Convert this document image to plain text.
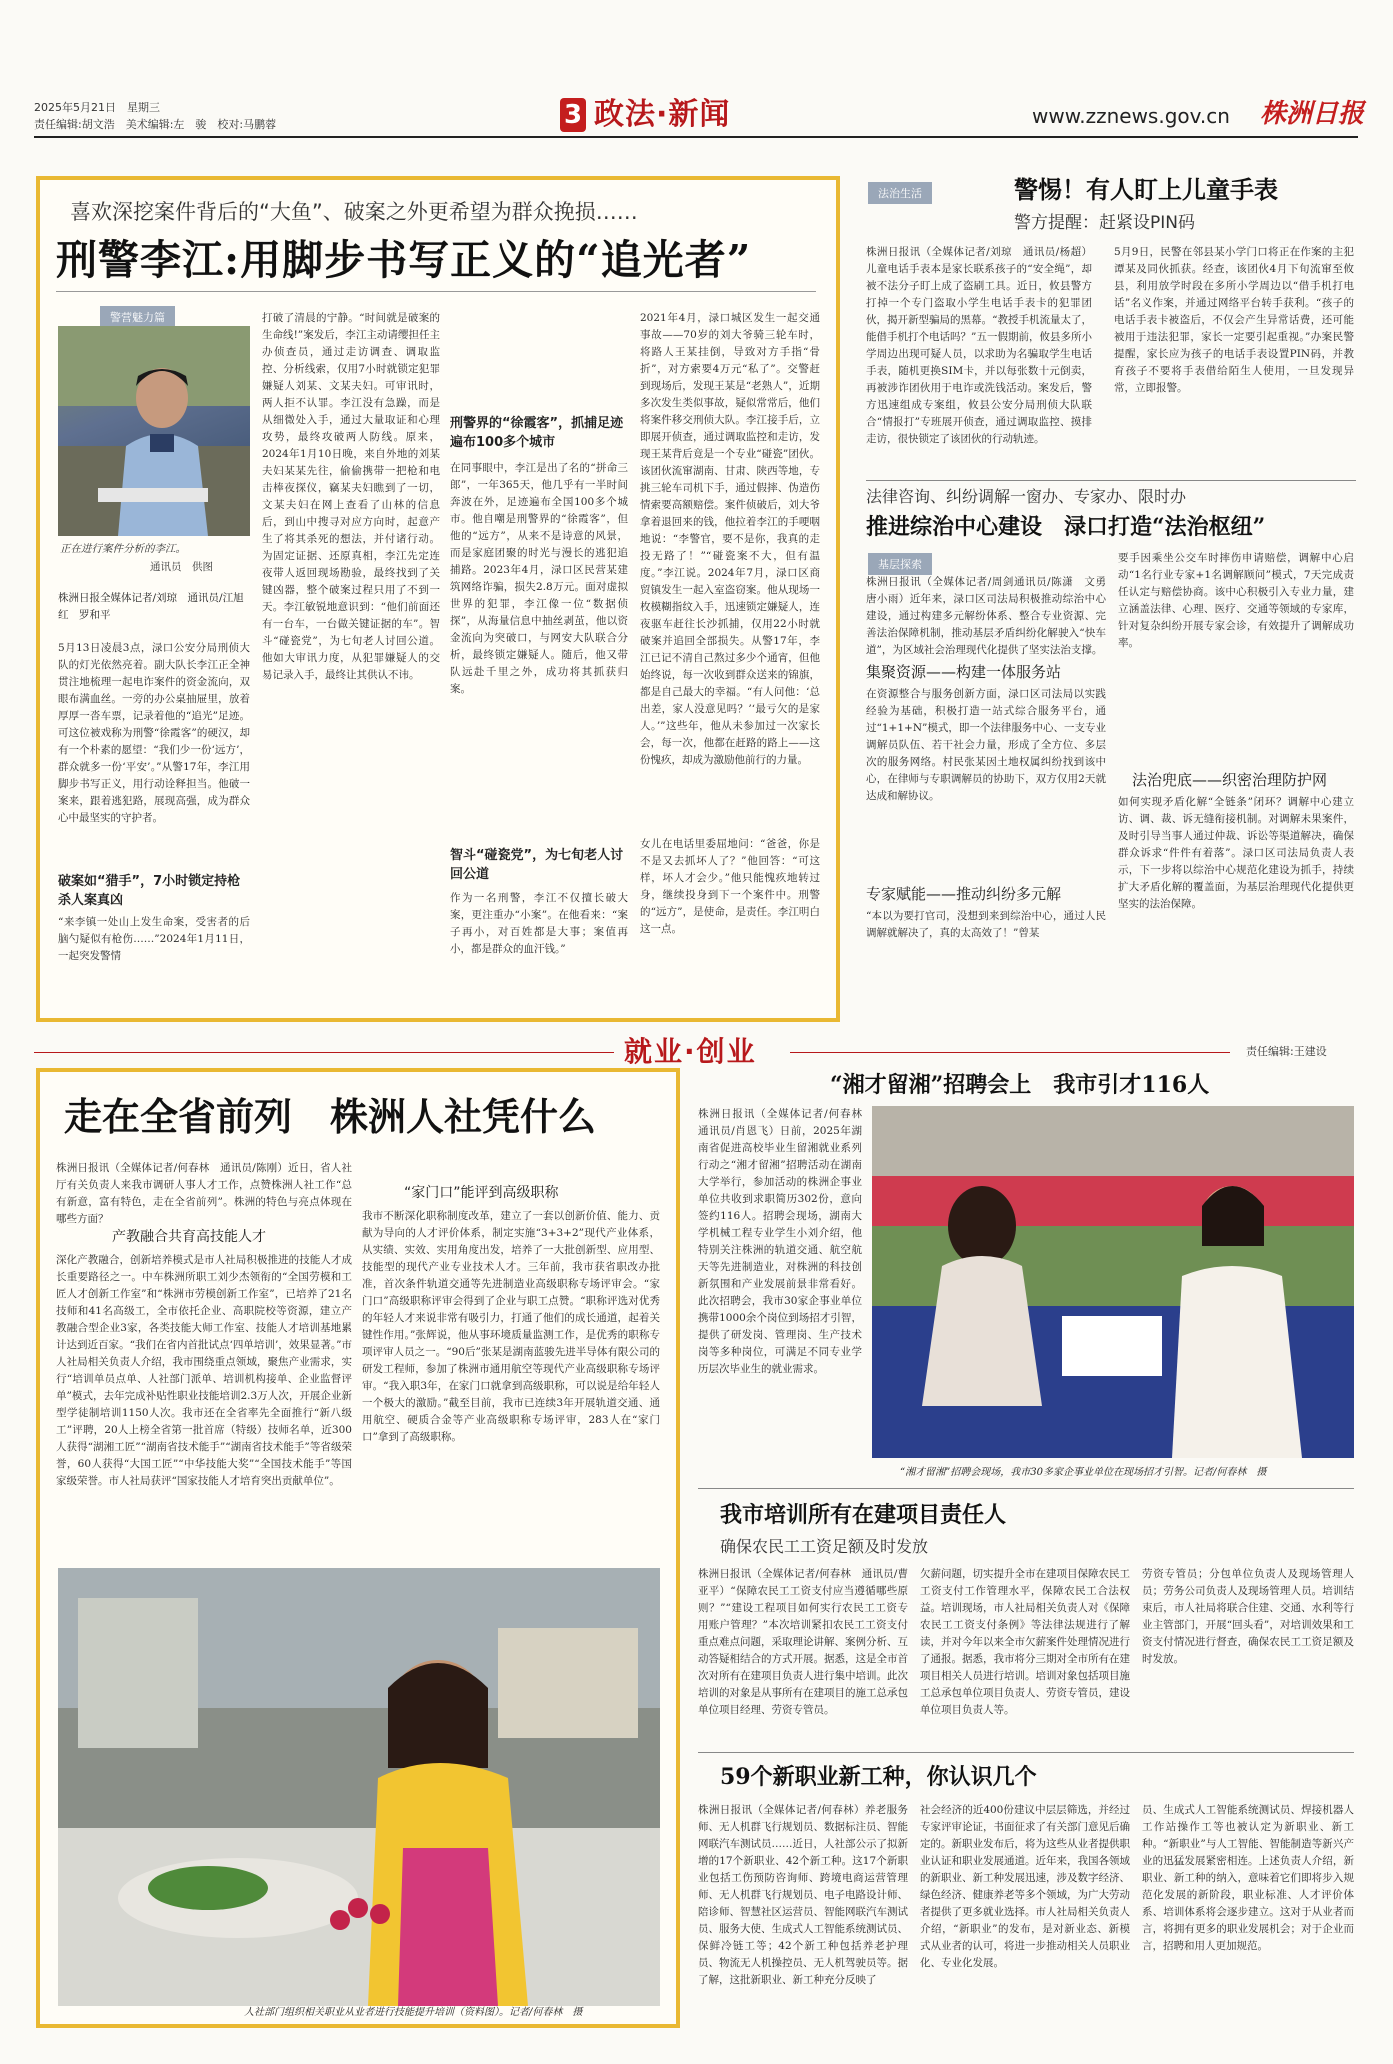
2025年5月21日　星期三
责任编辑:胡文浩　美术编辑:左　骏　校对:马鹏蓉	3 政法·新闻	www.zznews.gov.cn 株洲日报
喜欢深挖案件背后的“大鱼”、破案之外更希望为群众挽损……
刑警李江:用脚步书写正义的“追光者”
警营魅力篇
正在进行案件分析的李江。
通讯员　供图
株洲日报全媒体记者/刘琼　通讯员/江旭红　罗和平
5月13日凌晨3点，渌口公安分局刑侦大队的灯光依然亮着。副大队长李江正全神贯注地梳理一起电诈案件的资金流向，双眼布满血丝。一旁的办公桌抽屉里，放着厚厚一沓车票，记录着他的“追光”足迹。可这位被戏称为刑警“徐霞客”的硬汉，却有一个朴素的愿望：“我们少一份‘远方’，群众就多一份‘平安’。”从警17年，李江用脚步书写正义，用行动诠释担当。他破一案来，跟着逃犯路，展现高强，成为群众心中最坚实的守护者。
破案如“猎手”，7小时锁定持枪杀人案真凶
“来李镇一处山上发生命案，受害者的后脑勺疑似有枪伤……”2024年1月11日，一起突发警情
打破了清晨的宁静。“时间就是破案的生命线!”案发后，李江主动请缨担任主办侦查员，通过走访调查、调取监控、分析线索，仅用7小时就锁定犯罪嫌疑人刘某、文某夫妇。可审讯时，两人拒不认罪。李江没有急躁，而是从细微处入手，通过大量取证和心理攻势，最终攻破两人防线。原来，2024年1月10日晚，来自外地的刘某夫妇某某先往，偷偷携带一把枪和电击棒夜探仪，竊某夫妇瞧到了一切，文某夫妇在网上查看了山林的信息后，到山中搜寻对应方向时，起意产生了将其杀死的想法，并付诸行动。为固定证据、还原真相，李江先定连夜带人返回现场勘验，最终找到了关键凶器，整个破案过程只用了不到一天。李江敏锐地意识到：“他们前面还有一台车，一台做关键证据的车”。智斗“碰瓷党”，为七旬老人讨回公道。他如大审讯力度，从犯罪嫌疑人的交易记录入手，最终让其供认不讳。
刑警界的“徐霞客”，抓捕足迹遍布100多个城市
在同事眼中，李江是出了名的“拼命三郎”，一年365天，他几乎有一半时间奔波在外，足迹遍布全国100多个城市。他自嘲是刑警界的“徐霞客”，但他的“远方”，从来不是诗意的风景，而是家庭团聚的时光与漫长的逃犯追捕路。2023年4月，渌口区民营某建筑网络诈骗，损失2.8万元。面对虚拟世界的犯罪，李江像一位“数据侦探”，从海量信息中抽丝剥茧，他以资金流向为突破口，与网安大队联合分析，最终锁定嫌疑人。随后，他又带队远赴千里之外，成功将其抓获归案。
智斗“碰瓷党”，为七旬老人讨回公道
作为一名刑警，李江不仅擅长破大案，更注重办“小案”。在他看来：“案子再小，对百姓都是大事；案值再小，都是群众的血汗钱。”
2021年4月，渌口城区发生一起交通事故——70岁的刘大爷骑三轮车时，将路人王某挂倒，导致对方手指“骨折”，对方索要4万元“私了”。交警赶到现场后，发现王某是“老熟人”，近期多次发生类似事故，疑似常常后，他们将案件移交刑侦大队。李江接手后，立即展开侦查，通过调取监控和走访，发现王某背后竟是一个专业“碰瓷”团伙。该团伙流窜湖南、甘肃、陕西等地，专挑三轮车司机下手，通过假摔、伪造伤情索要高额赔偿。案件侦破后，刘大爷拿着退回来的钱，他拉着李江的手哽咽地说：“李警官，要不是你，我真的走投无路了！”“碰瓷案不大，但有温度。”李江说。2024年7月，渌口区商贸镇发生一起入室盗窃案。他从现场一枚模糊指纹入手，迅速锁定嫌疑人，连夜驱车赶往长沙抓捕，仅用22小时就破案并追回全部损失。从警17年，李江已记不清自己熬过多少个通宵，但他始终说，每一次收到群众送来的锦旗，都是自己最大的幸福。“有人问他：‘总出差，家人没意见吗？’‘最亏欠的是家人。’”这些年，他从未参加过一次家长会，每一次，他都在赶路的路上——这份愧疚，却成为激励他前行的力量。
女儿在电话里委屈地问：“爸爸，你是不是又去抓坏人了？”他回答：“可这样，坏人才会少。”他只能愧疚地转过身，继续投身到下一个案件中。刑警的“远方”，是使命，是责任。李江明白这一点。
法治生活	警惕！有人盯上儿童手表
警方提醒：赶紧设PIN码
株洲日报讯（全媒体记者/刘琼　通讯员/杨超）儿童电话手表本是家长联系孩子的“安全绳”，却被不法分子盯上成了盗刷工具。近日，攸县警方打掉一个专门盗取小学生电话手表卡的犯罪团伙，揭开新型骗局的黑幕。“教授手机流量太了，能借手机打个电话吗？”五一假期前，攸县多所小学周边出现可疑人员，以求助为名骗取学生电话手表，随机更换SIM卡，并以每张数十元倒卖，再被涉诈团伙用于电诈或洗钱活动。案发后，警方迅速组成专案组，攸县公安分局刑侦大队联合“情报打”专班展开侦查，通过调取监控、摸排走访，很快锁定了该团伙的行动轨迹。
5月9日，民警在邻县某小学门口将正在作案的主犯谭某及同伙抓获。经查，该团伙4月下旬流窜至攸县，利用放学时段在多所小学周边以“借手机打电话”名义作案，并通过网络平台转手获利。“孩子的电话手表卡被盗后，不仅会产生异常话费，还可能被用于违法犯罪，家长一定要引起重视。”办案民警提醒，家长应为孩子的电话手表设置PIN码，并教育孩子不要将手表借给陌生人使用，一旦发现异常，立即报警。
法律咨询、纠纷调解一窗办、专家办、限时办
推进综治中心建设　渌口打造“法治枢纽”
基层探索
株洲日报讯（全媒体记者/周剑通讯员/陈潇　文勇　唐小雨）近年来，渌口区司法局积极推动综治中心建设，通过构建多元解纷体系、整合专业资源、完善法治保障机制，推动基层矛盾纠纷化解驶入“快车道”，为区域社会治理现代化提供了坚实法治支撑。
集聚资源——构建一体服务站
在资源整合与服务创新方面，渌口区司法局以实践经验为基础，积极打造一站式综合服务平台，通过“1+1+N”模式，即一个法律服务中心、一支专业调解员队伍、若干社会力量，形成了全方位、多层次的服务网络。村民张某因土地权属纠纷找到该中心，在律师与专职调解员的协助下，双方仅用2天就达成和解协议。
专家赋能——推动纠纷多元解
“本以为要打官司，没想到来到综治中心，通过人民调解就解决了，真的太高效了！”曾某
要手因乘坐公交车时摔伤申请赔偿，调解中心启动“1名行业专家+1名调解顾问”模式，7天完成责任认定与赔偿协商。该中心积极引入专业力量，建立涵盖法律、心理、医疗、交通等领域的专家库，针对复杂纠纷开展专家会诊，有效提升了调解成功率。
法治兜底——织密治理防护网
如何实现矛盾化解“全链条”闭环？调解中心建立访、调、裁、诉无缝衔接机制。对调解未果案件，及时引导当事人通过仲裁、诉讼等渠道解决，确保群众诉求“件件有着落”。渌口区司法局负责人表示，下一步将以综治中心规范化建设为抓手，持续扩大矛盾化解的覆盖面，为基层治理现代化提供更坚实的法治保障。
就业·创业	责任编辑:王建设
走在全省前列　株洲人社凭什么
株洲日报讯（全媒体记者/何春林　通讯员/陈刚）近日，省人社厅有关负责人来我市调研人事人才工作，点赞株洲人社工作“总有新意，富有特色，走在全省前列”。株洲的特色与亮点体现在哪些方面？
产教融合共育高技能人才
深化产教融合，创新培养模式是市人社局积极推进的技能人才成长重要路径之一。中车株洲所职工刘少杰领衔的“全国劳模和工匠人才创新工作室”和“株洲市劳模创新工作室”，已培养了21名技师和41名高级工，全市依托企业、高职院校等资源，建立产教融合型企业3家，各类技能大师工作室、技能人才培训基地累计达到近百家。“我们在省内首批试点‘四单培训’，效果显著。”市人社局相关负责人介绍，我市围绕重点领域，聚焦产业需求，实行“培训单员点单、人社部门派单、培训机构接单、企业监督评单”模式，去年完成补贴性职业技能培训2.3万人次，开展企业新型学徒制培训1150人次。我市还在全省率先全面推行“新八级工”评聘，20人上榜全省第一批首席（特级）技师名单，近300人获得“湖湘工匠”“湖南省技术能手”“湖南省技术能手”等省级荣誉，60人获得“大国工匠”“中华技能大奖”“全国技术能手”等国家级荣誉。市人社局获评“国家技能人才培育突出贡献单位”。
“家门口”能评到高级职称
我市不断深化职称制度改革，建立了一套以创新价值、能力、贡献为导向的人才评价体系，制定实施“3+3+2”现代产业体系，从实绩、实效、实用角度出发，培养了一大批创新型、应用型、技能型的现代产业专业技术人才。三年前，我市获省职改办批准，首次条件轨道交通等先进制造业高级职称专场评审会。“家门口”高级职称评审会得到了企业与职工点赞。“职称评选对优秀的年轻人才来说非常有吸引力，打通了他们的成长通道，起着关键性作用。”张辉说，他从事环境质量监测工作，是优秀的职称专项评审人员之一。“90后”张某是湖南蓝骏先进半导体有限公司的研发工程师，参加了株洲市通用航空等现代产业高级职称专场评审。“我入职3年，在家门口就拿到高级职称，可以说是给年轻人一个极大的激励。”截至目前，我市已连续3年开展轨道交通、通用航空、硬质合金等产业高级职称专场评审，283人在“家门口”拿到了高级职称。
人社部门组织相关职业从业者进行技能提升培训（资料图）。记者/何春林　摄
“湘才留湘”招聘会上　我市引才116人
株洲日报讯（全媒体记者/何春林　通讯员/肖恩飞）日前，2025年湖南省促进高校毕业生留湘就业系列行动之“湘才留湘”招聘活动在湖南大学举行，参加活动的株洲企事业单位共收到求职简历302份，意向签约116人。招聘会现场，湖南大学机械工程专业学生小刘介绍，他特别关注株洲的轨道交通、航空航天等先进制造业，对株洲的科技创新氛围和产业发展前景非常看好。此次招聘会，我市30家企事业单位携带1000余个岗位到场招才引智，提供了研发岗、管理岗、生产技术岗等多种岗位，可满足不同专业学历层次毕业生的就业需求。
“湘才留湘”招聘会现场，我市30多家企事业单位在现场招才引智。记者/何春林　摄
我市培训所有在建项目责任人
确保农民工工资足额及时发放
株洲日报讯（全媒体记者/何春林　通讯员/曹亚平）“保障农民工工资支付应当遵循哪些原则？”“建设工程项目如何实行农民工工资专用账户管理？”本次培训紧扣农民工工资支付重点难点问题，采取理论讲解、案例分析、互动答疑相结合的方式开展。据悉，这是全市首次对所有在建项目负责人进行集中培训。此次培训的对象是从事所有在建项目的施工总承包单位项目经理、劳资专管员。
欠薪问题，切实提升全市在建项目保障农民工工资支付工作管理水平，保障农民工合法权益。培训现场，市人社局相关负责人对《保障农民工工资支付条例》等法律法规进行了解读，并对今年以来全市欠薪案件处理情况进行了通报。据悉，我市将分三期对全市所有在建项目相关人员进行培训。培训对象包括项目施工总承包单位项目负责人、劳资专管员，建设单位项目负责人等。
劳资专管员；分包单位负责人及现场管理人员；劳务公司负责人及现场管理人员。培训结束后，市人社局将联合住建、交通、水利等行业主管部门，开展“回头看”，对培训效果和工资支付情况进行督查，确保农民工工资足额及时发放。
59个新职业新工种，你认识几个
株洲日报讯（全媒体记者/何春林）养老服务师、无人机群飞行规划员、数据标注员、智能网联汽车测试员……近日，人社部公示了拟新增的17个新职业、42个新工种。这17个新职业包括工伤预防咨询师、跨境电商运营管理师、无人机群飞行规划员、电子电路设计师、陪诊师、智慧社区运营员、智能网联汽车测试员、服务大使、生成式人工智能系统测试员、保鲜冷链工等；42个新工种包括养老护理员、物流无人机操控员、无人机驾驶员等。据了解，这批新职业、新工种充分反映了
社会经济的近400份建议中层层筛选，并经过专家评审论证，书面征求了有关部门意见后确定的。新职业发布后，将为这些从业者提供职业认证和职业发展通道。近年来，我国各领域的新职业、新工种发展迅速，涉及数字经济、绿色经济、健康养老等多个领域，为广大劳动者提供了更多就业选择。市人社局相关负责人介绍，“新职业”的发布，是对新业态、新模式从业者的认可，将进一步推动相关人员职业化、专业化发展。
员、生成式人工智能系统测试员、焊接机器人工作站操作工等也被认定为新职业、新工种。“新职业”与人工智能、智能制造等新兴产业的迅猛发展紧密相连。上述负责人介绍，新职业、新工种的纳入，意味着它们即将步入规范化发展的新阶段，职业标准、人才评价体系、培训体系将会逐步建立。这对于从业者而言，将拥有更多的职业发展机会；对于企业而言，招聘和用人更加规范。
